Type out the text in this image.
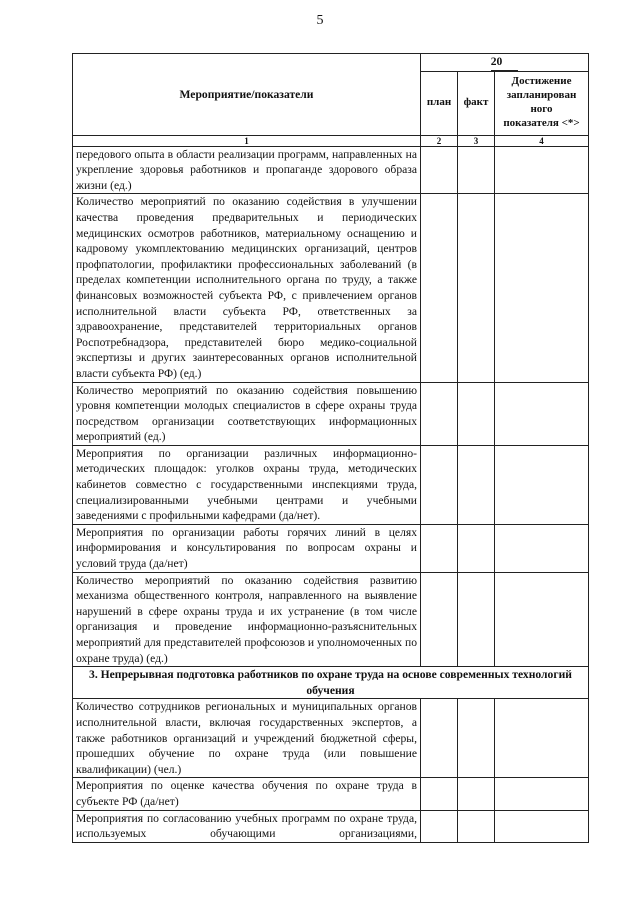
5
Мероприятие/показатели	20		
	план	факт	Достижение
запланирован
ного
показателя <*>

1	2	3	4
передового опыта в области реализации программ, направленных на укрепление здоровья работников и пропаганде здорового образа жизни (ед.)			
Количество мероприятий по оказанию содействия в улучшении качества проведения предварительных и периодических медицинских осмотров работников, материальному оснащению и кадровому укомплектованию медицинских организаций, центров профпатологии, профилактики профессиональных заболеваний (в пределах компетенции исполнительного органа по труду, а также финансовых возможностей субъекта РФ, с привлечением органов исполнительной власти субъекта РФ, ответственных за здравоохранение, представителей территориальных органов Роспотребнадзора, представителей бюро медико-социальной экспертизы и других заинтересованных органов исполнительной власти субъекта РФ) (ед.)			
Количество мероприятий по оказанию содействия повышению уровня компетенции молодых специалистов в сфере охраны труда посредством организации соответствующих информационных мероприятий (ед.)			
Мероприятия по организации различных информационно-методических площадок: уголков охраны труда, методических кабинетов совместно с государственными инспекциями труда, специализированными учебными центрами и учебными заведениями с профильными кафедрами (да/нет).			
Мероприятия по организации работы горячих линий в целях информирования и консультирования по вопросам охраны и условий труда (да/нет)			
Количество мероприятий по оказанию содействия развитию механизма общественного контроля, направленного на выявление нарушений в сфере охраны труда и их устранение (в том числе организация и проведение информационно-разъяснительных мероприятий для представителей профсоюзов и уполномоченных по охране труда) (ед.)			
3. Непрерывная подготовка работников по охране труда на основе современных технологий обучения			
Количество сотрудников региональных и муниципальных органов исполнительной власти, включая государственных экспертов, а также работников организаций и учреждений бюджетной сферы, прошедших обучение по охране труда (или повышение квалификации) (чел.)			
Мероприятия по оценке качества обучения по охране труда в субъекте РФ (да/нет)			
Мероприятия по согласованию учебных программ по охране труда, используемых обучающими организациями,			
